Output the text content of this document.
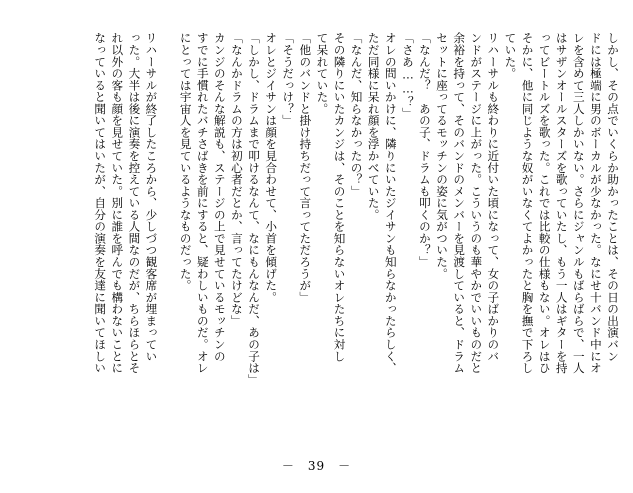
しかし、その点でいくらか助かったことは、その日の出演バン
ドには極端に男のボーカルが少なかった。なにせ十バンド中にオ
レを含めて三人しかいない。さらにジャンルもばらばらで、一人
はサザンオールスターズを歌っていたし、もう一人はギターを持
ってビートルズを歌った。これでは比較の仕様もない。オレはひ
そかに、他に同じような奴がいなくてよかったと胸を撫で下ろし
ていた。
リハーサルも終わりに近付いた頃になって、女の子ばかりのバ
ンドがステージに上がった。こういうのも華やかでいいものだと
余裕を持って、そのバンドのメンバーを見渡していると、ドラム
セットに座ってるモッチンの姿に気がついた。
「なんだ？　あの子、ドラムも叩くのか？」
「さあ……？」
オレの問いかけに、隣りにいたジイサンも知らなかったらしく、
ただ同様に呆れ顔を浮かべていた。
「なんだ、知らなかったの？」
その隣りにいたカンジは、そのことを知らないオレたちに対し
て呆れていた。
「他のバンドと掛け持ちだって言ってただろうが」
「そうだっけ？」
オレとジイサンは顔を見合わせて、小首を傾げた。
「しかし、ドラムまで叩けるなんて、なにもんなんだ、あの子は」
「なんかドラムの方は初心者だとか、言ってたけどな」
カンジのそんな解説も、ステージの上で見せているモッチンの
すでに手慣れたバチさばきを前にすると、疑わしいものだ。オレ
にとっては宇宙人を見ているようなものだった。
リハーサルが終了したころから、少しづつ観客席が埋まってい
った。大半は後に演奏を控えている人間なのだが、ちらほらとそ
れ以外の客も顔を見せていた。別に誰を呼んでも構わないことに
なっていると聞いてはいたが、自分の演奏を友達に聞いてほしい
－　39　－
